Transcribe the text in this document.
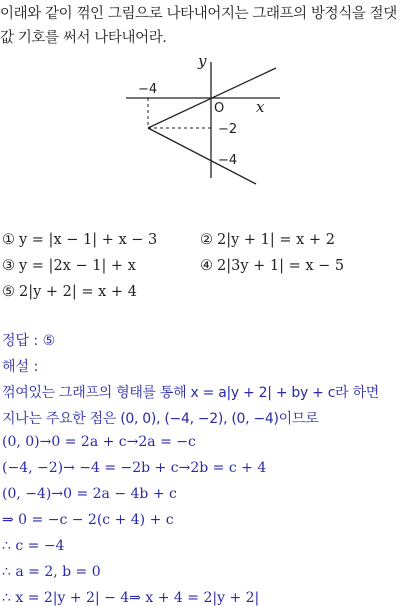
이래와 같이 꺾인 그림으로 나타내어지는 그래프의 방정식을 절댓
값 기호를 써서 나타내어라.
y
x
O
−4
−2
−4
① y = |x − 1| + x − 3	② 2|y + 1| = x + 2
③ y = |2x − 1| + x	④ 2|3y + 1| = x − 5
⑤ 2|y + 2| = x + 4
정답 : ⑤
해설 :
꺾여있는 그래프의 형태를 통해 x = a|y + 2| + by + c라 하면
지나는 주요한 점은 (0, 0), (−4, −2), (0, −4)이므로
(0, 0)→0 = 2a + c→2a = −c
(−4, −2)→ −4 = −2b + c→2b = c + 4
(0, −4)→0 = 2a − 4b + c
⇒ 0 = −c − 2(c + 4) + c
∴ c = −4
∴ a = 2, b = 0
∴ x = 2|y + 2| − 4⇒ x + 4 = 2|y + 2|
